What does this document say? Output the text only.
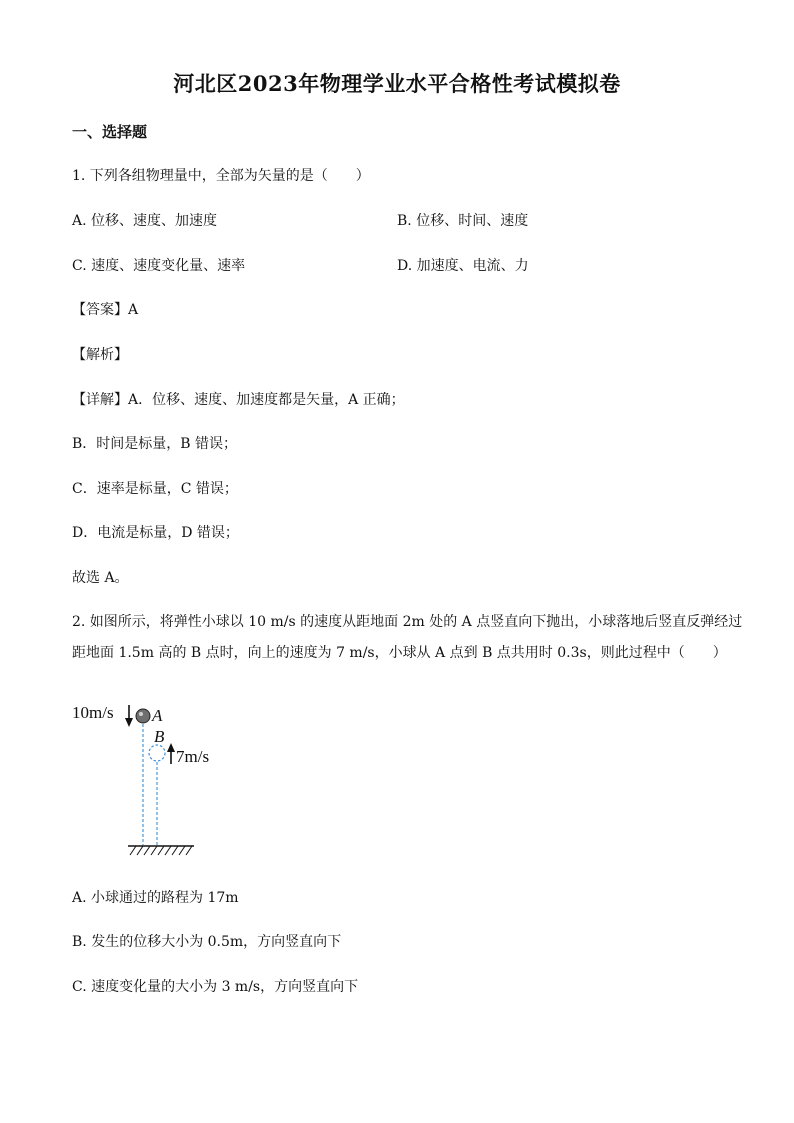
河北区2023年物理学业水平合格性考试模拟卷
一、选择题
1. 下列各组物理量中，全部为矢量的是（　　）
A. 位移、速度、加速度	B. 位移、时间、速度
C. 速度、速度变化量、速率	D. 加速度、电流、力
【答案】A
【解析】
【详解】A．位移、速度、加速度都是矢量，A 正确；
B．时间是标量，B 错误；
C．速率是标量，C 错误；
D．电流是标量，D 错误；
故选 A。
2. 如图所示，将弹性小球以 10 m/s 的速度从距地面 2m 处的 A 点竖直向下抛出，小球落地后竖直反弹经过
距地面 1.5m 高的 B 点时，向上的速度为 7 m/s，小球从 A 点到 B 点共用时 0.3s，则此过程中（　　）
10m/s A
B
7m/s
A. 小球通过的路程为 17m
B. 发生的位移大小为 0.5m，方向竖直向下
C. 速度变化量的大小为 3 m/s，方向竖直向下
